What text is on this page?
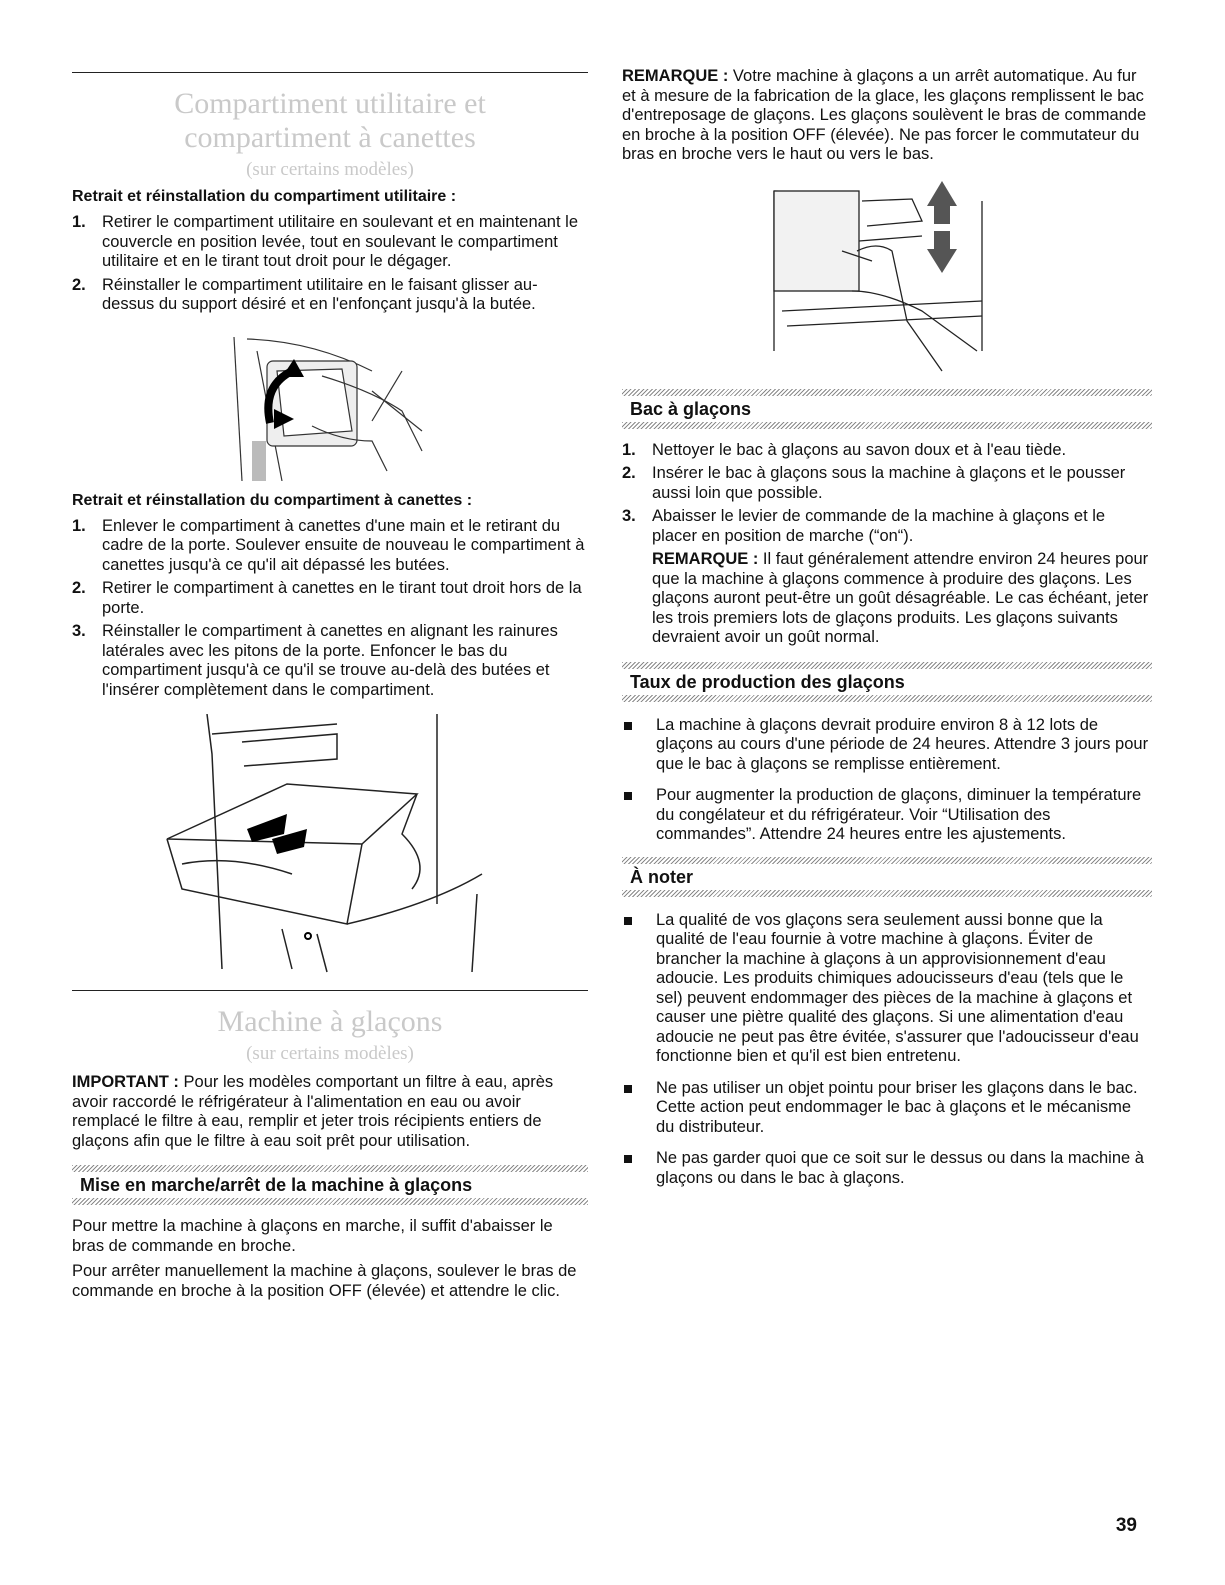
Compartiment utilitaire et
compartiment à canettes
(sur certains modèles)
Retrait et réinstallation du compartiment utilitaire :
1. Retirer le compartiment utilitaire en soulevant et en maintenant le couvercle en position levée, tout en soulevant le compartiment utilitaire et en le tirant tout droit pour le dégager.
2. Réinstaller le compartiment utilitaire en le faisant glisser au-dessus du support désiré et en l'enfonçant jusqu'à la butée.
Retrait et réinstallation du compartiment à canettes :
1. Enlever le compartiment à canettes d'une main et le retirant du cadre de la porte. Soulever ensuite de nouveau le compartiment à canettes jusqu'à ce qu'il ait dépassé les butées.
2. Retirer le compartiment à canettes en le tirant tout droit hors de la porte.
3. Réinstaller le compartiment à canettes en alignant les rainures latérales avec les pitons de la porte. Enfoncer le bas du compartiment jusqu'à ce qu'il se trouve au-delà des butées et l'insérer complètement dans le compartiment.
Machine à glaçons
(sur certains modèles)

IMPORTANT : Pour les modèles comportant un filtre à eau, après avoir raccordé le réfrigérateur à l'alimentation en eau ou avoir remplacé le filtre à eau, remplir et jeter trois récipients entiers de glaçons afin que le filtre à eau soit prêt pour utilisation.

Mise en marche/arrêt de la machine à glaçons

Pour mettre la machine à glaçons en marche, il suffit d'abaisser le bras de commande en broche.

Pour arrêter manuellement la machine à glaçons, soulever le bras de commande en broche à la position OFF (élevée) et attendre le clic.

REMARQUE : Votre machine à glaçons a un arrêt automatique. Au fur et à mesure de la fabrication de la glace, les glaçons remplissent le bac d'entreposage de glaçons. Les glaçons soulèvent le bras de commande en broche à la position OFF (élevée). Ne pas forcer le commutateur du bras en broche vers le haut ou vers le bas.

Bac à glaçons
1. Nettoyer le bac à glaçons au savon doux et à l'eau tiède.
2. Insérer le bac à glaçons sous la machine à glaçons et le pousser aussi loin que possible.
3. Abaisser le levier de commande de la machine à glaçons et le placer en position de marche (“on“).

REMARQUE : Il faut généralement attendre environ 24 heures pour que la machine à glaçons commence à produire des glaçons. Les glaçons auront peut-être un goût désagréable. Le cas échéant, jeter les trois premiers lots de glaçons produits. Les glaçons suivants devraient avoir un goût normal.

Taux de production des glaçons
La machine à glaçons devrait produire environ 8 à 12 lots de glaçons au cours d'une période de 24 heures. Attendre 3 jours pour que le bac à glaçons se remplisse entièrement.
Pour augmenter la production de glaçons, diminuer la température du congélateur et du réfrigérateur. Voir “Utilisation des commandes”. Attendre 24 heures entre les ajustements.
À noter
La qualité de vos glaçons sera seulement aussi bonne que la qualité de l'eau fournie à votre machine à glaçons. Éviter de brancher la machine à glaçons à un approvisionnement d'eau adoucie. Les produits chimiques adoucisseurs d'eau (tels que le sel) peuvent endommager des pièces de la machine à glaçons et causer une piètre qualité des glaçons. Si une alimentation d'eau adoucie ne peut pas être évitée, s'assurer que l'adoucisseur d'eau fonctionne bien et qu'il est bien entretenu.
Ne pas utiliser un objet pointu pour briser les glaçons dans le bac. Cette action peut endommager le bac à glaçons et le mécanisme du distributeur.
Ne pas garder quoi que ce soit sur le dessus ou dans la machine à glaçons ou dans le bac à glaçons.
39
